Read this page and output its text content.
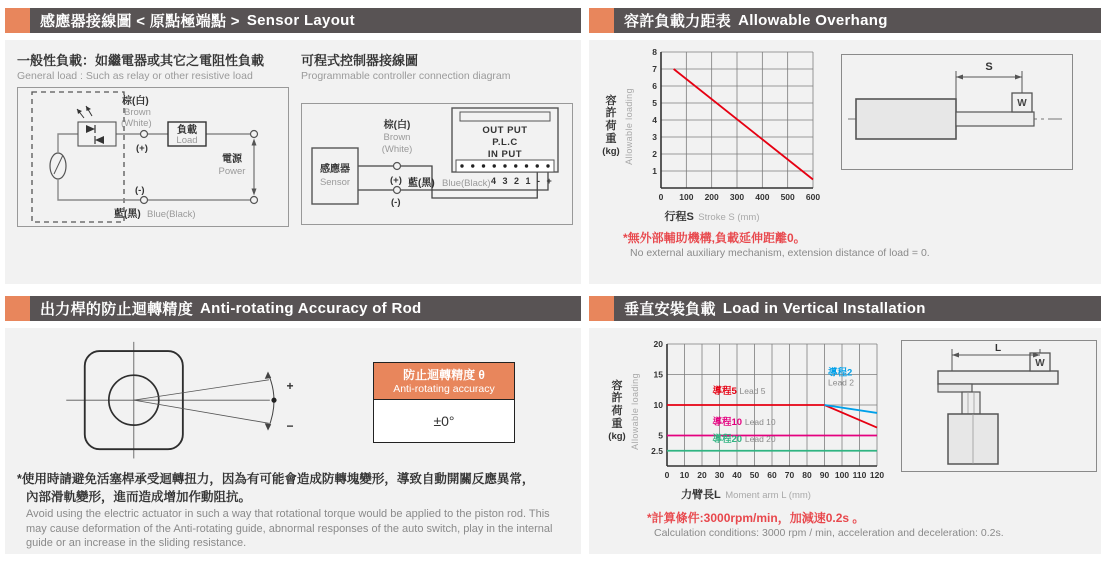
感應器接線圖 < 原點極端點 > Sensor Layout
一般性負載：如繼電器或其它之電阻性負載
General load : Such as relay or other resistive load
棕(白)
Brown
(White)
(+)
(-)
負載
Load
電源
Power
藍(黑) Blue(Black)
可程式控制器接線圖
Programmable controller connection diagram
感應器
Sensor
OUT PUT
P.L.C
IN PUT
4 3 2 1 - +
棕(白)
Brown
(White)
(+) 藍(黑) Blue(Black)
(-)
容許負載力距表 Allowable Overhang
容許荷重
(kg) Allowable loading
0 100 200 300 400 500 600
1
2
3
4
5
6
7
8
行程S Stroke S (mm)
S
W
*無外部輔助機構,負載延伸距離0。
No external auxiliary mechanism, extension distance of load = 0.
出力桿的防止迴轉精度 Anti-rotating Accuracy of Rod
+
−
防止迴轉精度 θ
Anti-rotating accuracy
±0°
*使用時請避免活塞桿承受迴轉扭力，因為有可能會造成防轉塊變形，導致自動開關反應異常，
內部滑軌變形，進而造成增加作動阻抗。
Avoid using the electric actuator in such a way that rotational torque would be applied to the piston rod. This may cause deformation of the Anti-rotating guide, abnormal responses of the auto switch, play in the internal guide or an increase in the sliding resistance.
垂直安裝負載 Load in Vertical Installation
容許荷重
(kg) Allowable loading
0 10 20 30 40 50 60 70 80 90 100 110 120
2.5
5
10
15
20
導程5 Lead 5
導程2
Lead 2
導程10 Lead 10
導程20 Lead 20
力臂長L Moment arm L (mm)
L
W
*計算條件:3000rpm/min，加減速0.2s 。
Calculation conditions: 3000 rpm / min, acceleration and deceleration: 0.2s.
